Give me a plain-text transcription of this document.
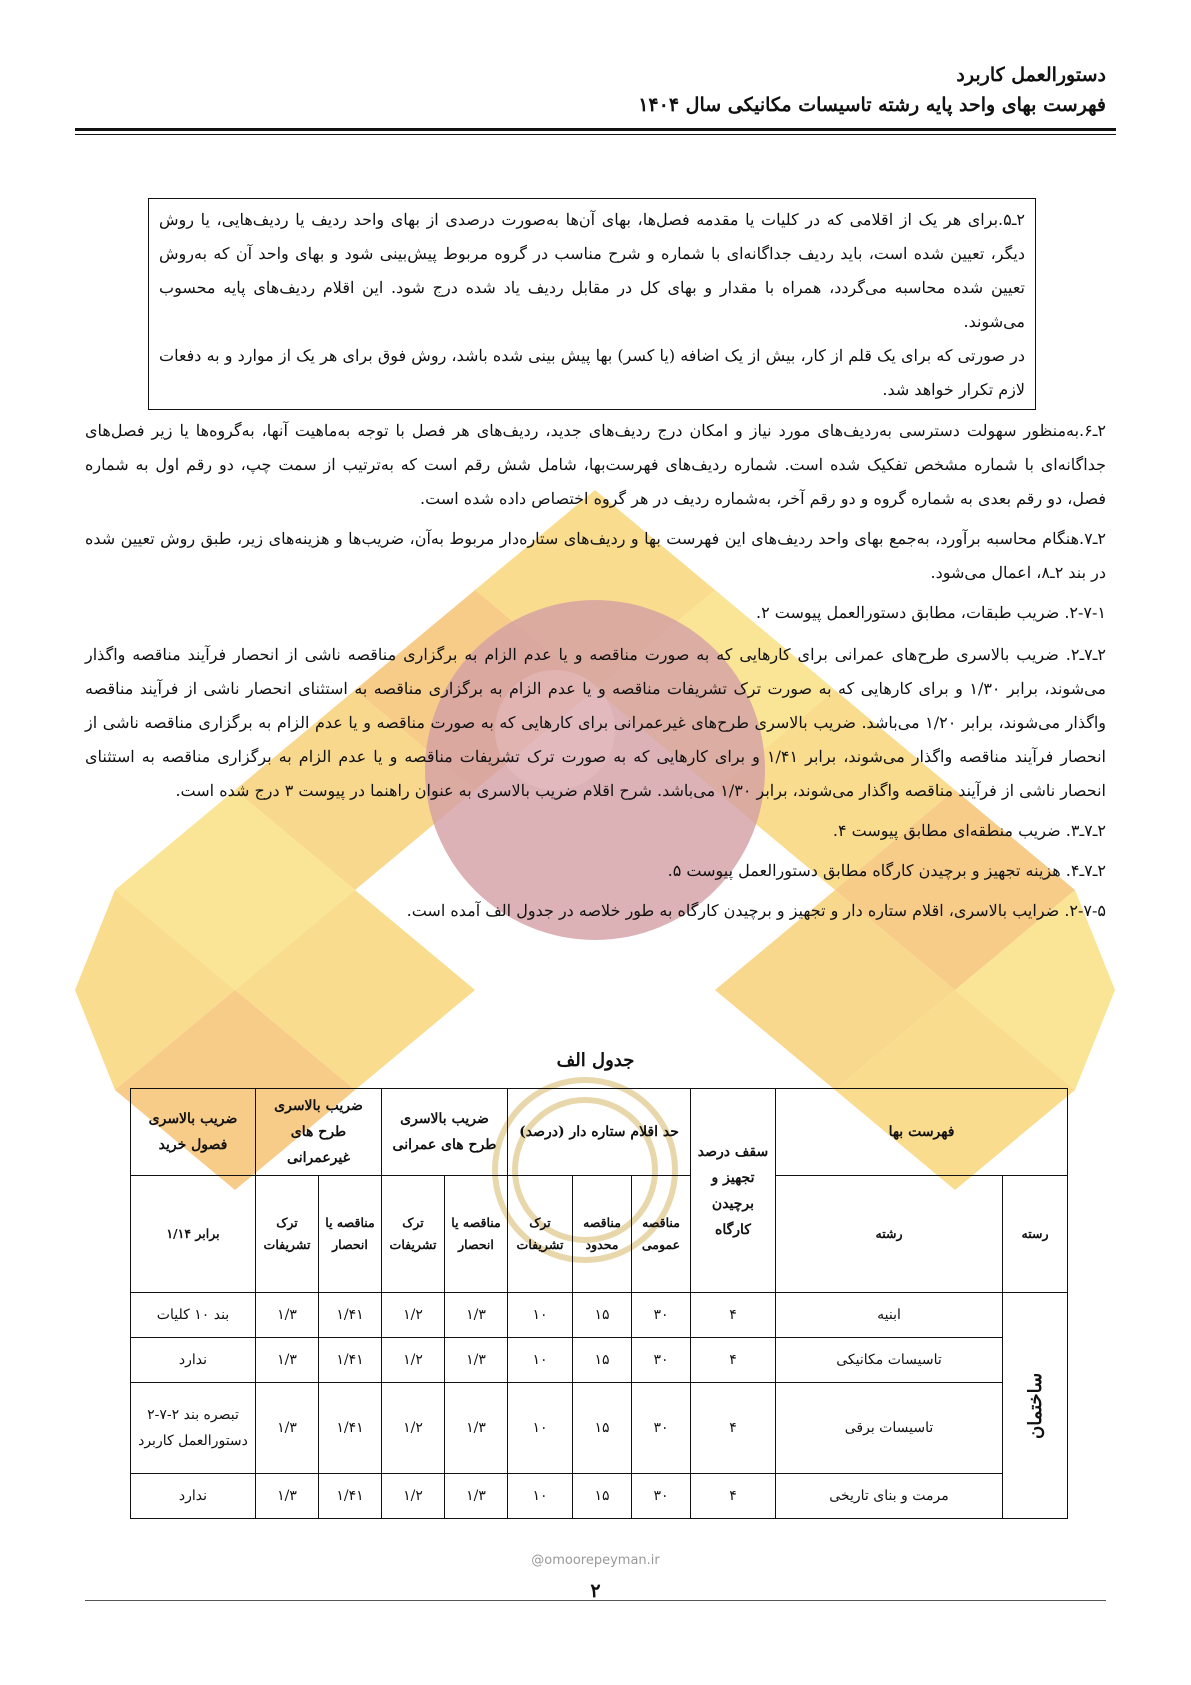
دستورالعمل کاربرد
فهرست بهای واحد پایه رشته تاسیسات مکانیکی سال ۱۴۰۴

۲ـ۵.برای هر یک از اقلامی که در کلیات یا مقدمه فصل‌ها، بهای آن‌ها به‌صورت درصدی از بهای واحد ردیف یا ردیف‌هایی، یا روش دیگر، تعیین شده است، باید ردیف جداگانه‌ای با شماره و شرح مناسب در گروه مربوط پیش‌بینی شود و بهای واحد آن که به‌روش تعیین شده محاسبه می‌گردد، همراه با مقدار و بهای کل در مقابل ردیف یاد شده درج شود. این اقلام ردیف‌های پایه محسوب می‌شوند.

در صورتی که برای یک قلم از کار، بیش از یک اضافه (یا کسر) بها پیش بینی شده باشد، روش فوق برای هر یک از موارد و به دفعات لازم تکرار خواهد شد.

۲ـ۶.به‌منظور سهولت دسترسی به‌ردیف‌های مورد نیاز و امکان درج ردیف‌های جدید، ردیف‌های هر فصل با توجه به‌ماهیت آنها، به‌گروه‌ها یا زیر فصل‌های جداگانه‌ای با شماره مشخص تفکیک شده است. شماره ردیف‌های فهرست‌بها، شامل شش رقم است که به‌ترتیب از سمت چپ، دو رقم اول به شماره فصل، دو رقم بعدی به شماره گروه و دو رقم آخر، به‌شماره ردیف در هر گروه اختصاص داده شده است.

۲ـ۷.هنگام محاسبه برآورد، به‌جمع بهای واحد ردیف‌های این فهرست بها و ردیف‌های ستاره‌دار مربوط به‌آن، ضریب‌ها و هزینه‌های زیر، طبق روش تعیین شده در بند ۲ـ۸، اعمال می‌شود.

۲-۷-۱. ضریب طبقات، مطابق دستورالعمل پیوست ۲.

۲ـ۷ـ۲. ضریب بالاسری طرح‌های عمرانی برای کارهایی که به صورت مناقصه و یا عدم الزام به برگزاری مناقصه ناشی از انحصار فرآیند مناقصه واگذار می‌شوند، برابر ۱/۳۰ و برای کارهایی که به صورت ترک تشریفات مناقصه و یا عدم الزام به برگزاری مناقصه به استثنای انحصار ناشی از فرآیند مناقصه واگذار می‌شوند، برابر ۱/۲۰ می‌باشد. ضریب بالاسری طرح‌های غیرعمرانی برای کارهایی که به صورت مناقصه و یا عدم الزام به برگزاری مناقصه ناشی از انحصار فرآیند مناقصه واگذار می‌شوند، برابر ۱/۴۱ و برای کارهایی که به صورت ترک تشریفات مناقصه و یا عدم الزام به برگزاری مناقصه به استثنای انحصار ناشی از فرآیند مناقصه واگذار می‌شوند، برابر ۱/۳۰ می‌باشد. شرح اقلام ضریب بالاسری به عنوان راهنما در پیوست ۳ درج شده است.

۲ـ۷ـ۳. ضریب منطقه‌ای مطابق پیوست ۴.

۲ـ۷ـ۴. هزینه تجهیز و برچیدن کارگاه مطابق دستورالعمل پیوست ۵.

۲-۷-۵. ضرایب بالاسری، اقلام ستاره دار و تجهیز و برچیدن کارگاه به طور خلاصه در جدول الف آمده است.

جدول الف
فهرست بها		سقف درصد تجهیز و برچیدن کارگاه	حد اقلام ستاره دار (درصد)			ضریب بالاسری طرح های عمرانی		ضریب بالاسری طرح های غیرعمرانی		ضریب بالاسری فصول خرید
رسته	رشته		مناقصه عمومی	مناقصه محدود	ترک تشریفات	مناقصه یا انحصار	ترک تشریفات	مناقصه یا انحصار	ترک تشریفات	برابر ۱/۱۴
ساختمان	ابنیه	۴	۳۰	۱۵	۱۰	۱/۳	۱/۲	۱/۴۱	۱/۳	بند ۱۰ کلیات
	تاسیسات مکانیکی	۴	۳۰	۱۵	۱۰	۱/۳	۱/۲	۱/۴۱	۱/۳	ندارد
	تاسیسات برقی	۴	۳۰	۱۵	۱۰	۱/۳	۱/۲	۱/۴۱	۱/۳	تبصره بند ۲-۷-۲ دستورالعمل کاربرد
	مرمت و بنای تاریخی	۴	۳۰	۱۵	۱۰	۱/۳	۱/۲	۱/۴۱	۱/۳	ندارد
@omoorepeyman.ir
۲
